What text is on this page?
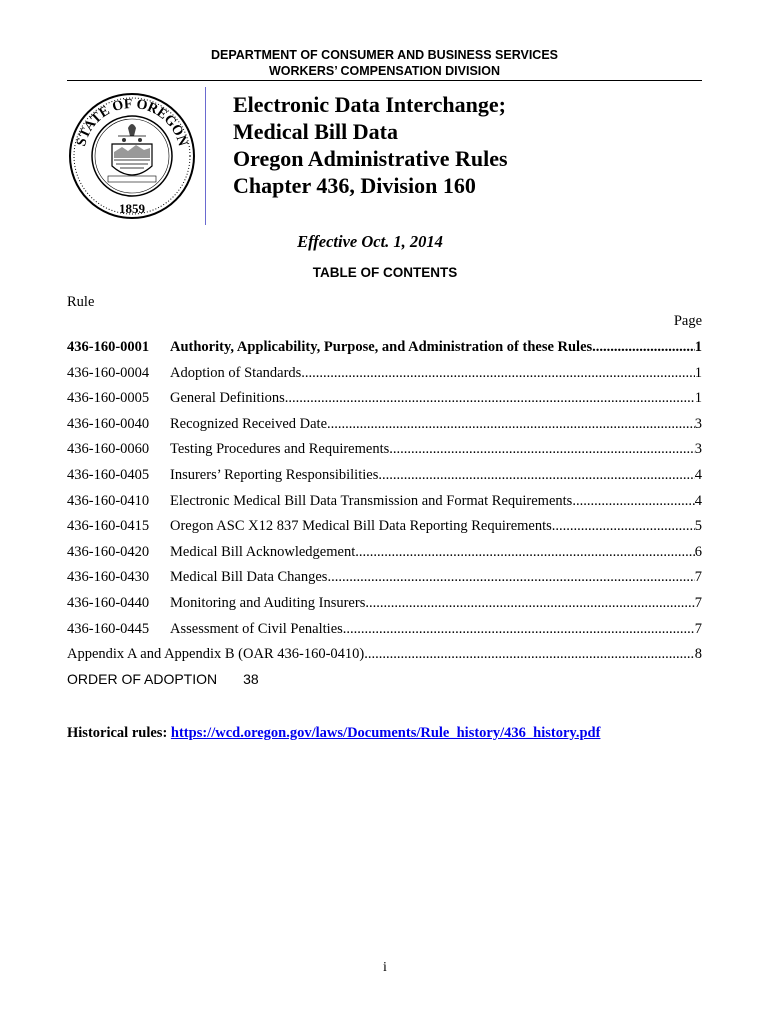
DEPARTMENT OF CONSUMER AND BUSINESS SERVICES
WORKERS’ COMPENSATION DIVISION
STATE OF OREGON
1859
Electronic Data Interchange;
Medical Bill Data
Oregon Administrative Rules
Chapter 436, Division 160
Effective Oct. 1, 2014
TABLE OF CONTENTS
Rule
Page
436-160-0001	Authority, Applicability, Purpose, and Administration of these Rules .....	1
436-160-0004	Adoption of Standards .....	1
436-160-0005	General Definitions .....	1
436-160-0040	Recognized Received Date .....	3
436-160-0060	Testing Procedures and Requirements .....	3
436-160-0405	Insurers’ Reporting Responsibilities .....	4
436-160-0410	Electronic Medical Bill Data Transmission and Format Requirements .....	4
436-160-0415	Oregon ASC X12 837 Medical Bill Data Reporting Requirements .....	5
436-160-0420	Medical Bill Acknowledgement .....	6
436-160-0430	Medical Bill Data Changes .....	7
436-160-0440	Monitoring and Auditing Insurers .....	7
436-160-0445	Assessment of Civil Penalties .....	7
Appendix A and Appendix B (OAR 436-160-0410) .....	8
ORDER OF ADOPTION 38
Historical rules: https://wcd.oregon.gov/laws/Documents/Rule_history/436_history.pdf
i
